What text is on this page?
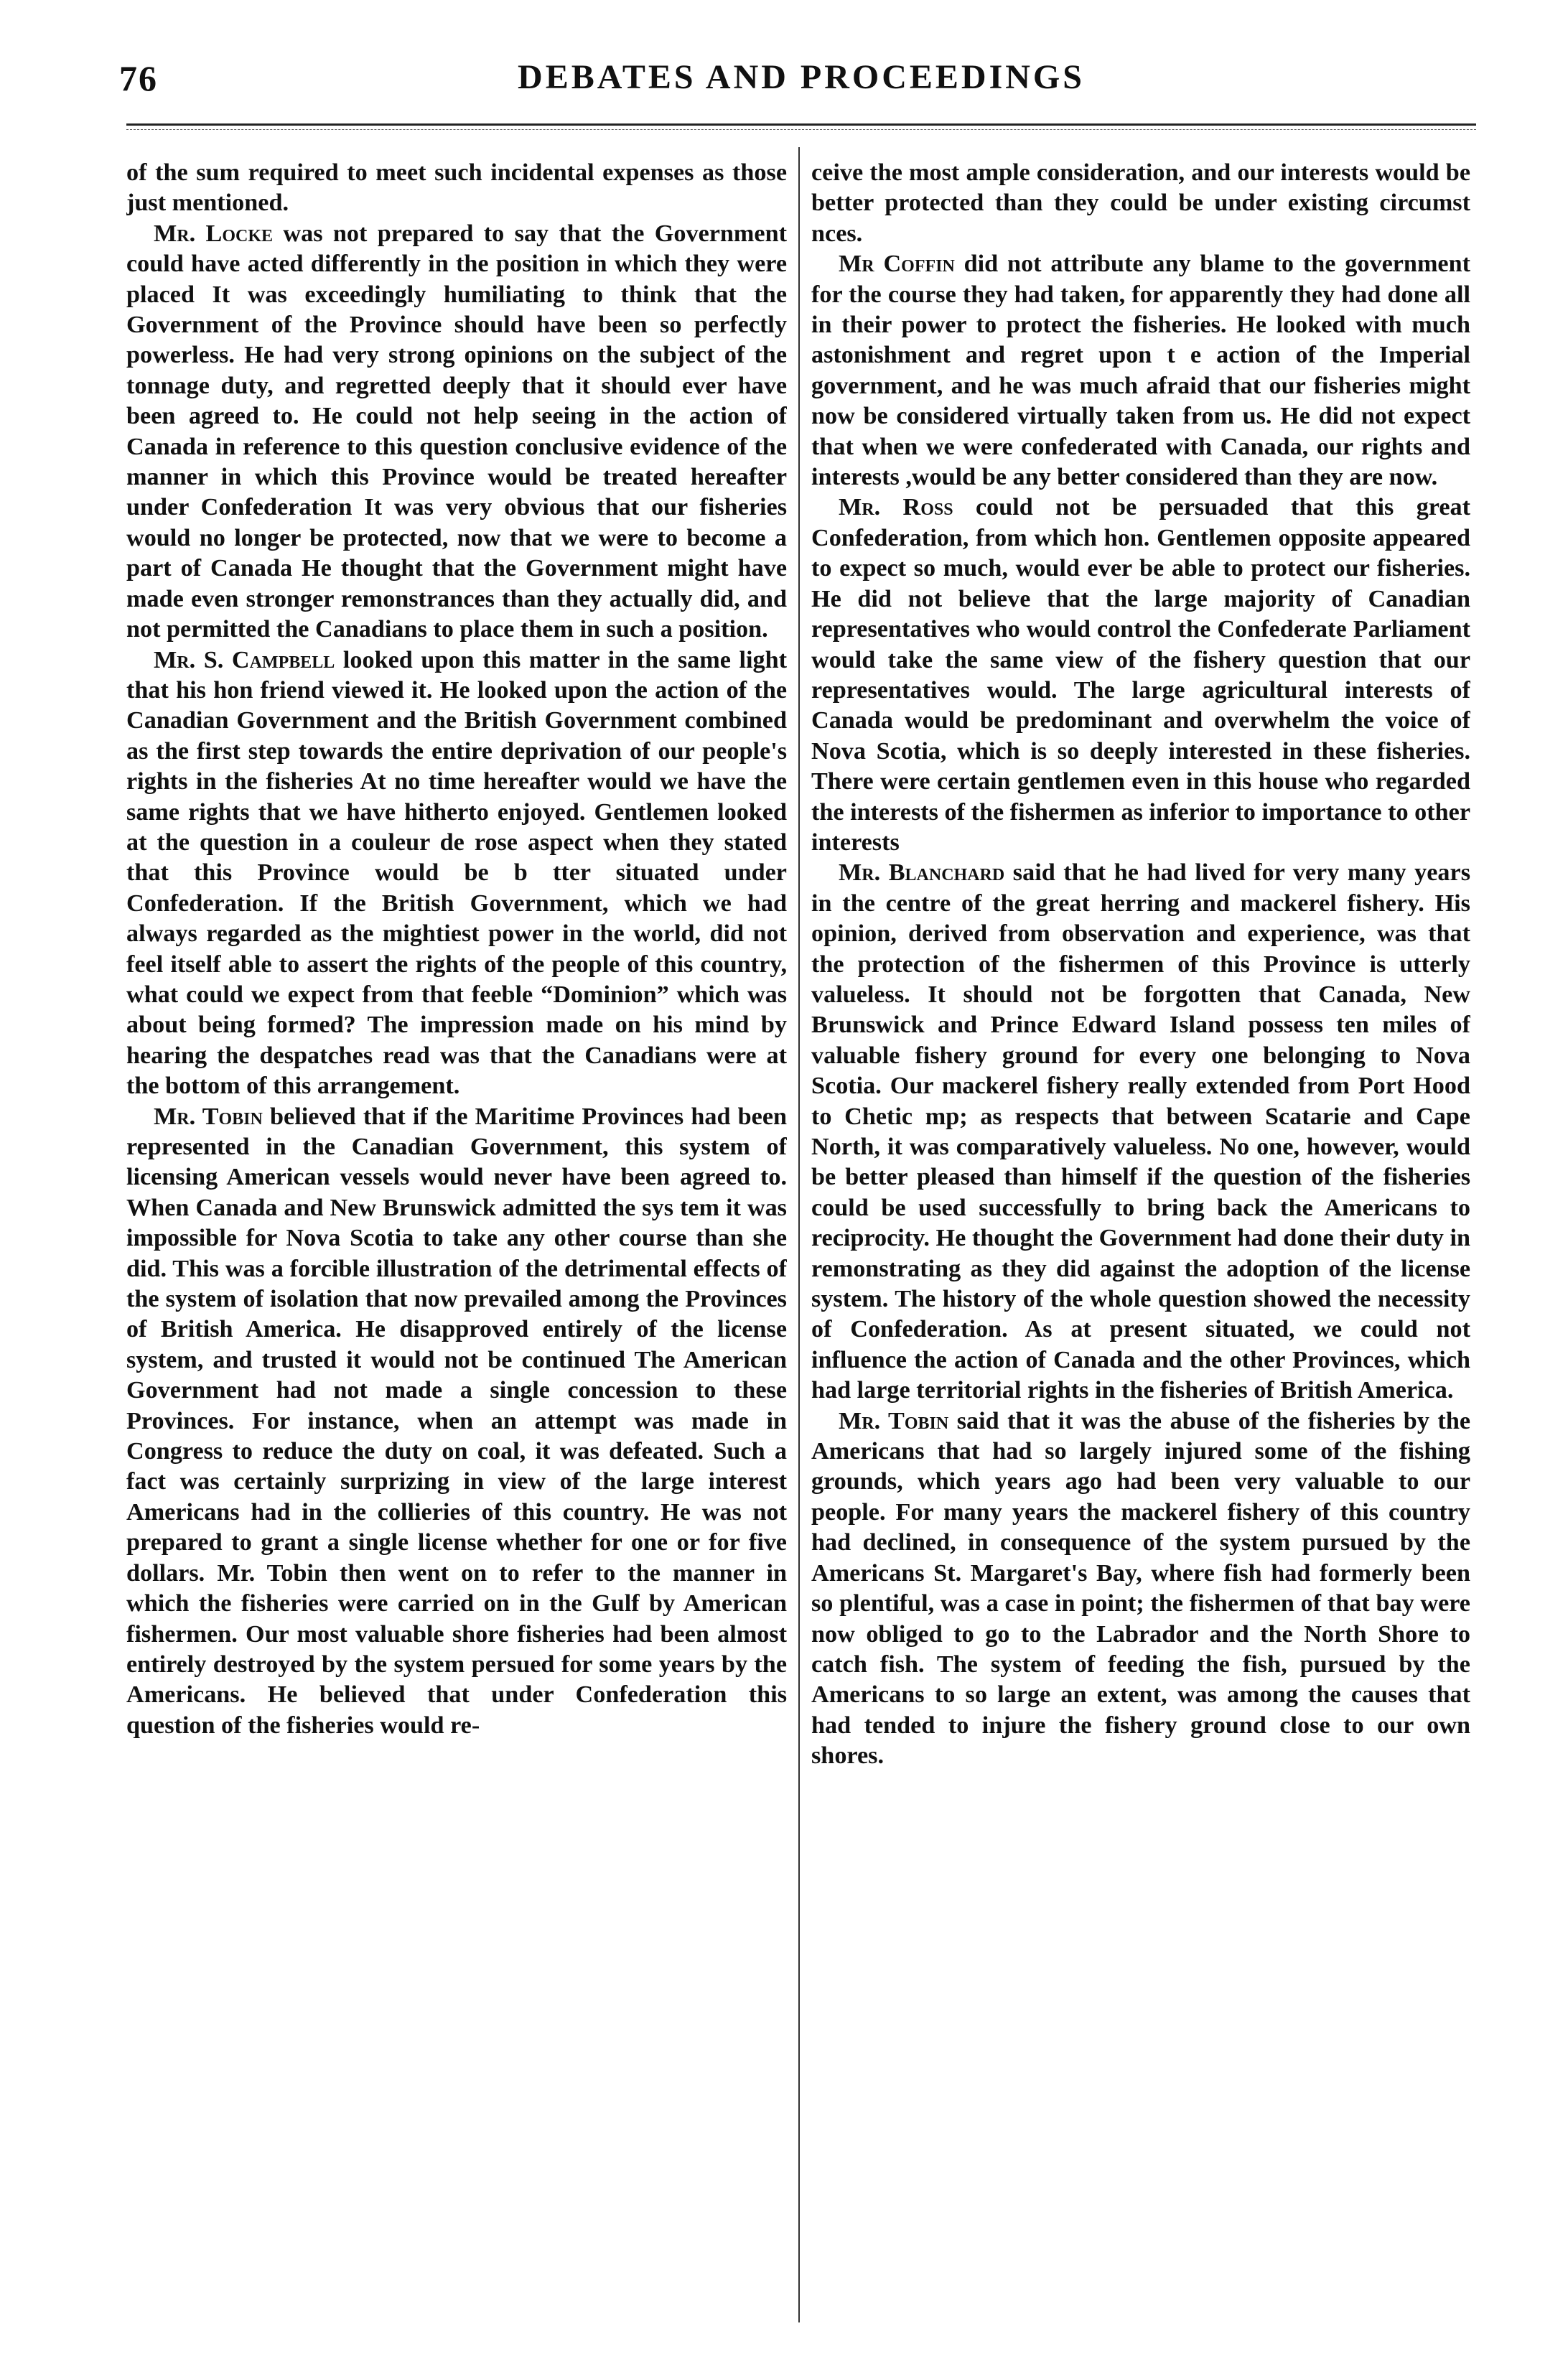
76	DEBATES AND PROCEEDINGS

of the sum required to meet such incidental expenses as those just mentioned.

Mr. Locke was not prepared to say that the Government could have acted differently in the position in which they were placed It was exceedingly humiliating to think that the Government of the Province should have been so perfectly powerless. He had very strong opinions on the subject of the tonnage duty, and regretted deeply that it should ever have been agreed to. He could not help seeing in the action of Canada in reference to this question conclusive evidence of the manner in which this Province would be treated hereafter under Confederation It was very obvious that our fisheries would no longer be protected, now that we were to become a part of Canada He thought that the Government might have made even stronger remonstrances than they actually did, and not permitted the Canadians to place them in such a position.

Mr. S. Campbell looked upon this matter in the same light that his hon friend viewed it. He looked upon the action of the Canadian Government and the British Government combined as the first step towards the entire deprivation of our people's rights in the fisheries At no time hereafter would we have the same rights that we have hitherto enjoyed. Gentlemen looked at the question in a couleur de rose aspect when they stated that this Province would be b tter situated under Confederation. If the British Government, which we had always regarded as the mightiest power in the world, did not feel itself able to assert the rights of the people of this country, what could we expect from that feeble “Dominion” which was about being formed? The impression made on his mind by hearing the despatches read was that the Canadians were at the bottom of this arrangement.

Mr. Tobin believed that if the Maritime Provinces had been represented in the Canadian Government, this system of licensing American vessels would never have been agreed to. When Canada and New Brunswick admitted the sys tem it was impossible for Nova Scotia to take any other course than she did. This was a forcible illustration of the detrimental effects of the system of isolation that now prevailed among the Provinces of British America. He disapproved entirely of the license system, and trusted it would not be continued The American Government had not made a single concession to these Provinces. For instance, when an attempt was made in Congress to reduce the duty on coal, it was defeated. Such a fact was certainly surprizing in view of the large interest Americans had in the collieries of this country. He was not prepared to grant a single license whether for one or for five dollars. Mr. Tobin then went on to refer to the manner in which the fisheries were carried on in the Gulf by American fishermen. Our most valuable shore fisheries had been almost entirely destroyed by the system persued for some years by the Americans. He believed that under Confederation this question of the fisheries would re-

ceive the most ample consideration, and our interests would be better protected than they could be under existing circumst nces.

Mr Coffin did not attribute any blame to the government for the course they had taken, for apparently they had done all in their power to protect the fisheries. He looked with much astonishment and regret upon t e action of the Imperial government, and he was much afraid that our fisheries might now be considered virtually taken from us. He did not expect that when we were confederated with Canada, our rights and interests ,would be any better considered than they are now.

Mr. Ross could not be persuaded that this great Confederation, from which hon. Gentlemen opposite appeared to expect so much, would ever be able to protect our fisheries. He did not believe that the large majority of Canadian representatives who would control the Confederate Parliament would take the same view of the fishery question that our representatives would. The large agricultural interests of Canada would be predominant and overwhelm the voice of Nova Scotia, which is so deeply interested in these fisheries. There were certain gentlemen even in this house who regarded the interests of the fishermen as inferior to importance to other interests

Mr. Blanchard said that he had lived for very many years in the centre of the great herring and mackerel fishery. His opinion, derived from observation and experience, was that the protection of the fishermen of this Province is utterly valueless. It should not be forgotten that Canada, New Brunswick and Prince Edward Island possess ten miles of valuable fishery ground for every one belonging to Nova Scotia. Our mackerel fishery really extended from Port Hood to Chetic mp; as respects that between Scatarie and Cape North, it was comparatively valueless. No one, however, would be better pleased than himself if the question of the fisheries could be used successfully to bring back the Americans to reciprocity. He thought the Government had done their duty in remonstrating as they did against the adoption of the license system. The history of the whole question showed the necessity of Confederation. As at present situated, we could not influence the action of Canada and the other Provinces, which had large territorial rights in the fisheries of British America.

Mr. Tobin said that it was the abuse of the fisheries by the Americans that had so largely injured some of the fishing grounds, which years ago had been very valuable to our people. For many years the mackerel fishery of this country had declined, in consequence of the system pursued by the Americans St. Margaret's Bay, where fish had formerly been so plentiful, was a case in point; the fishermen of that bay were now obliged to go to the Labrador and the North Shore to catch fish. The system of feeding the fish, pursued by the Americans to so large an extent, was among the causes that had tended to injure the fishery ground close to our own shores.
